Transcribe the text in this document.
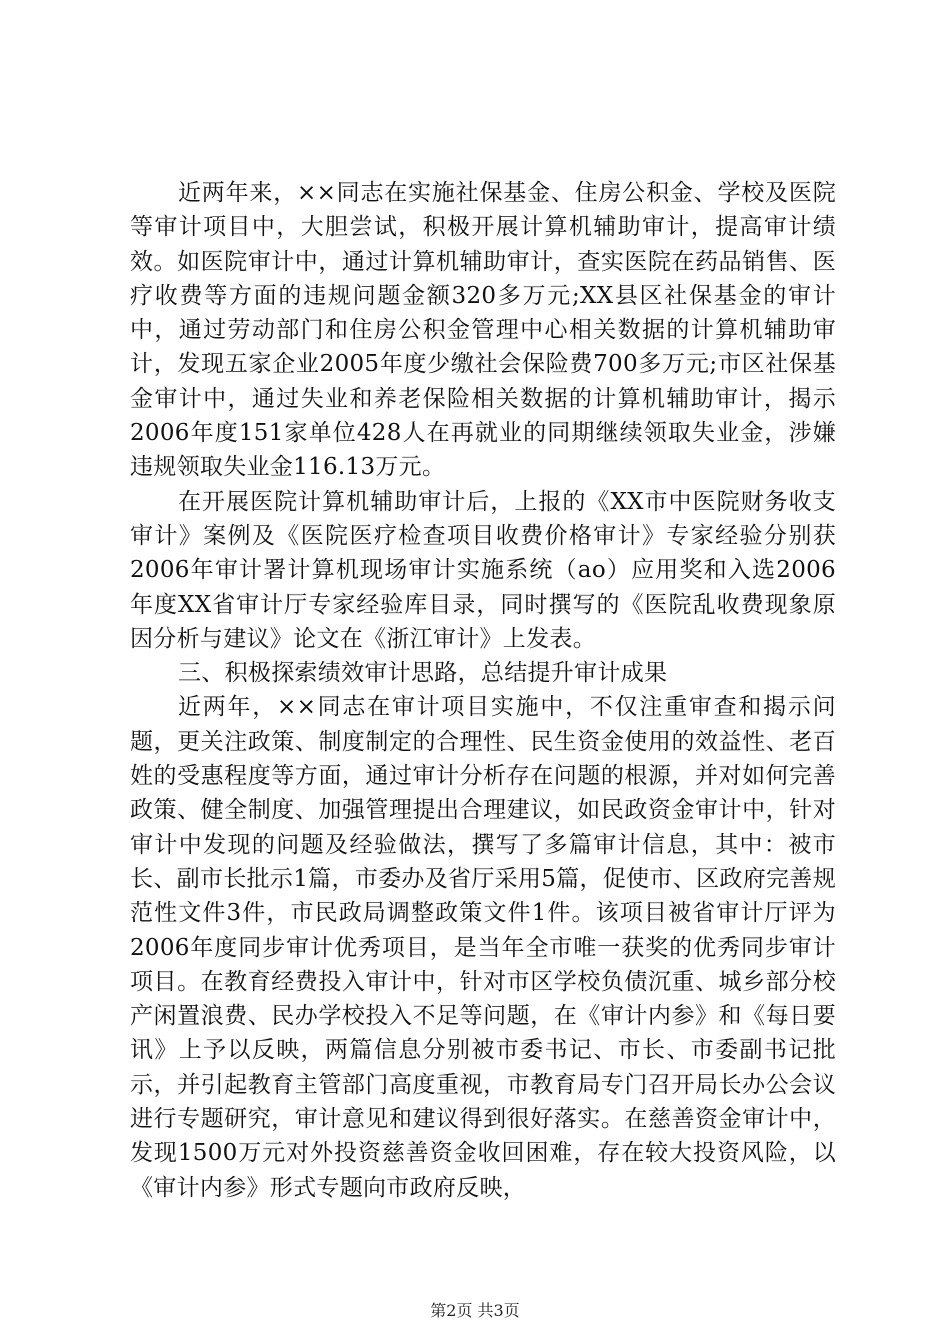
近两年来，××同志在实施社保基金、住房公积金、学校及医院等审计项目中，大胆尝试，积极开展计算机辅助审计，提高审计绩效。如医院审计中，通过计算机辅助审计，查实医院在药品销售、医疗收费等方面的违规问题金额320多万元;XX县区社保基金的审计中，通过劳动部门和住房公积金管理中心相关数据的计算机辅助审计，发现五家企业2005年度少缴社会保险费700多万元;市区社保基金审计中，通过失业和养老保险相关数据的计算机辅助审计，揭示2006年度151家单位428人在再就业的同期继续领取失业金，涉嫌违规领取失业金116.13万元。

在开展医院计算机辅助审计后，上报的《XX市中医院财务收支审计》案例及《医院医疗检查项目收费价格审计》专家经验分别获2006年审计署计算机现场审计实施系统（ao）应用奖和入选2006年度XX省审计厅专家经验库目录，同时撰写的《医院乱收费现象原因分析与建议》论文在《浙江审计》上发表。

三、积极探索绩效审计思路，总结提升审计成果

近两年，××同志在审计项目实施中，不仅注重审查和揭示问题，更关注政策、制度制定的合理性、民生资金使用的效益性、老百姓的受惠程度等方面，通过审计分析存在问题的根源，并对如何完善政策、健全制度、加强管理提出合理建议，如民政资金审计中，针对审计中发现的问题及经验做法，撰写了多篇审计信息，其中：被市长、副市长批示1篇，市委办及省厅采用5篇，促使市、区政府完善规范性文件3件，市民政局调整政策文件1件。该项目被省审计厅评为2006年度同步审计优秀项目，是当年全市唯一获奖的优秀同步审计项目。在教育经费投入审计中，针对市区学校负债沉重、城乡部分校产闲置浪费、民办学校投入不足等问题，在《审计内参》和《每日要讯》上予以反映，两篇信息分别被市委书记、市长、市委副书记批示，并引起教育主管部门高度重视，市教育局专门召开局长办公会议进行专题研究，审计意见和建议得到很好落实。在慈善资金审计中，发现1500万元对外投资慈善资金收回困难，存在较大投资风险，以《审计内参》形式专题向市政府反映，

第2页 共3页
